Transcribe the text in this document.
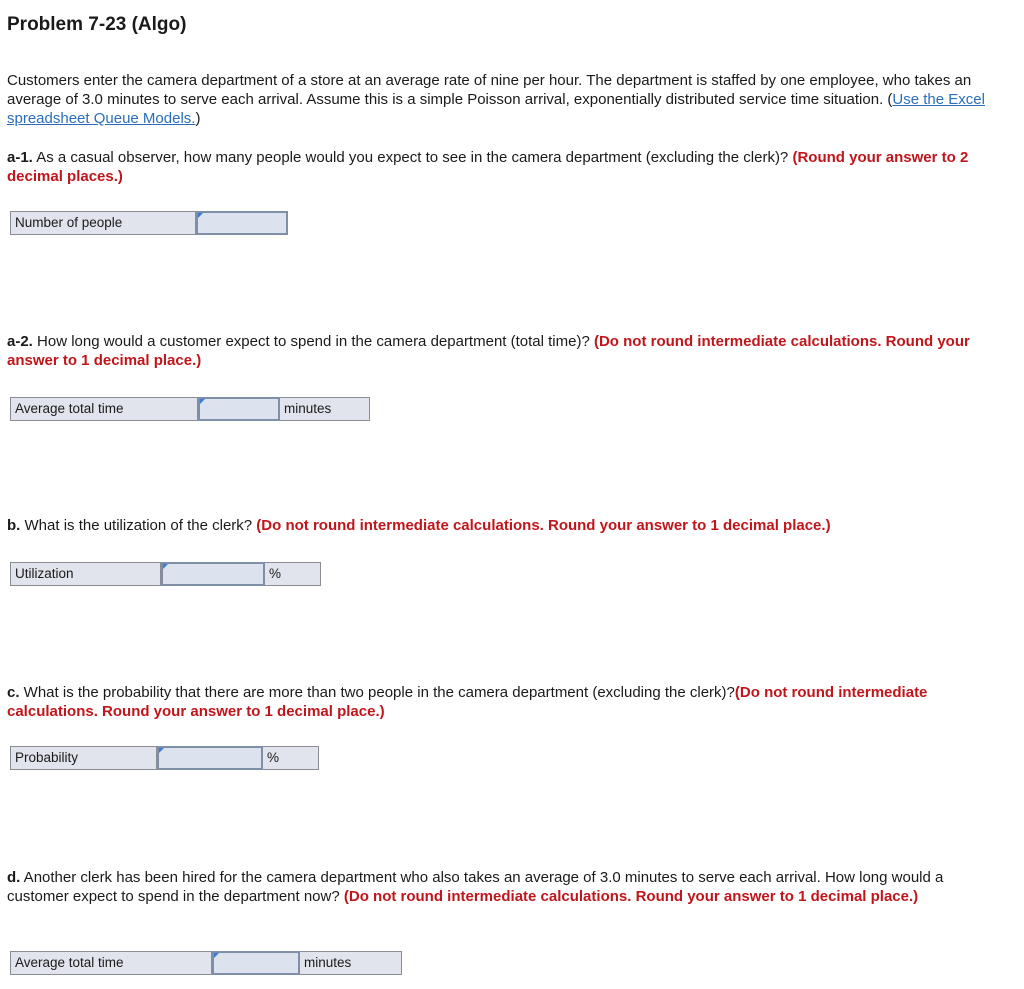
Problem 7-23 (Algo)
Customers enter the camera department of a store at an average rate of nine per hour. The department is staffed by one employee, who takes an average of 3.0 minutes to serve each arrival. Assume this is a simple Poisson arrival, exponentially distributed service time situation. (Use the Excel spreadsheet Queue Models.)
a-1. As a casual observer, how many people would you expect to see in the camera department (excluding the clerk)? (Round your answer to 2 decimal places.)
Number of people
a-2. How long would a customer expect to spend in the camera department (total time)? (Do not round intermediate calculations. Round your answer to 1 decimal place.)
Average total time	minutes
b. What is the utilization of the clerk? (Do not round intermediate calculations. Round your answer to 1 decimal place.)
Utilization	%
c. What is the probability that there are more than two people in the camera department (excluding the clerk)?(Do not round intermediate calculations. Round your answer to 1 decimal place.)
Probability	%
d. Another clerk has been hired for the camera department who also takes an average of 3.0 minutes to serve each arrival. How long would a customer expect to spend in the department now? (Do not round intermediate calculations. Round your answer to 1 decimal place.)
Average total time	minutes
